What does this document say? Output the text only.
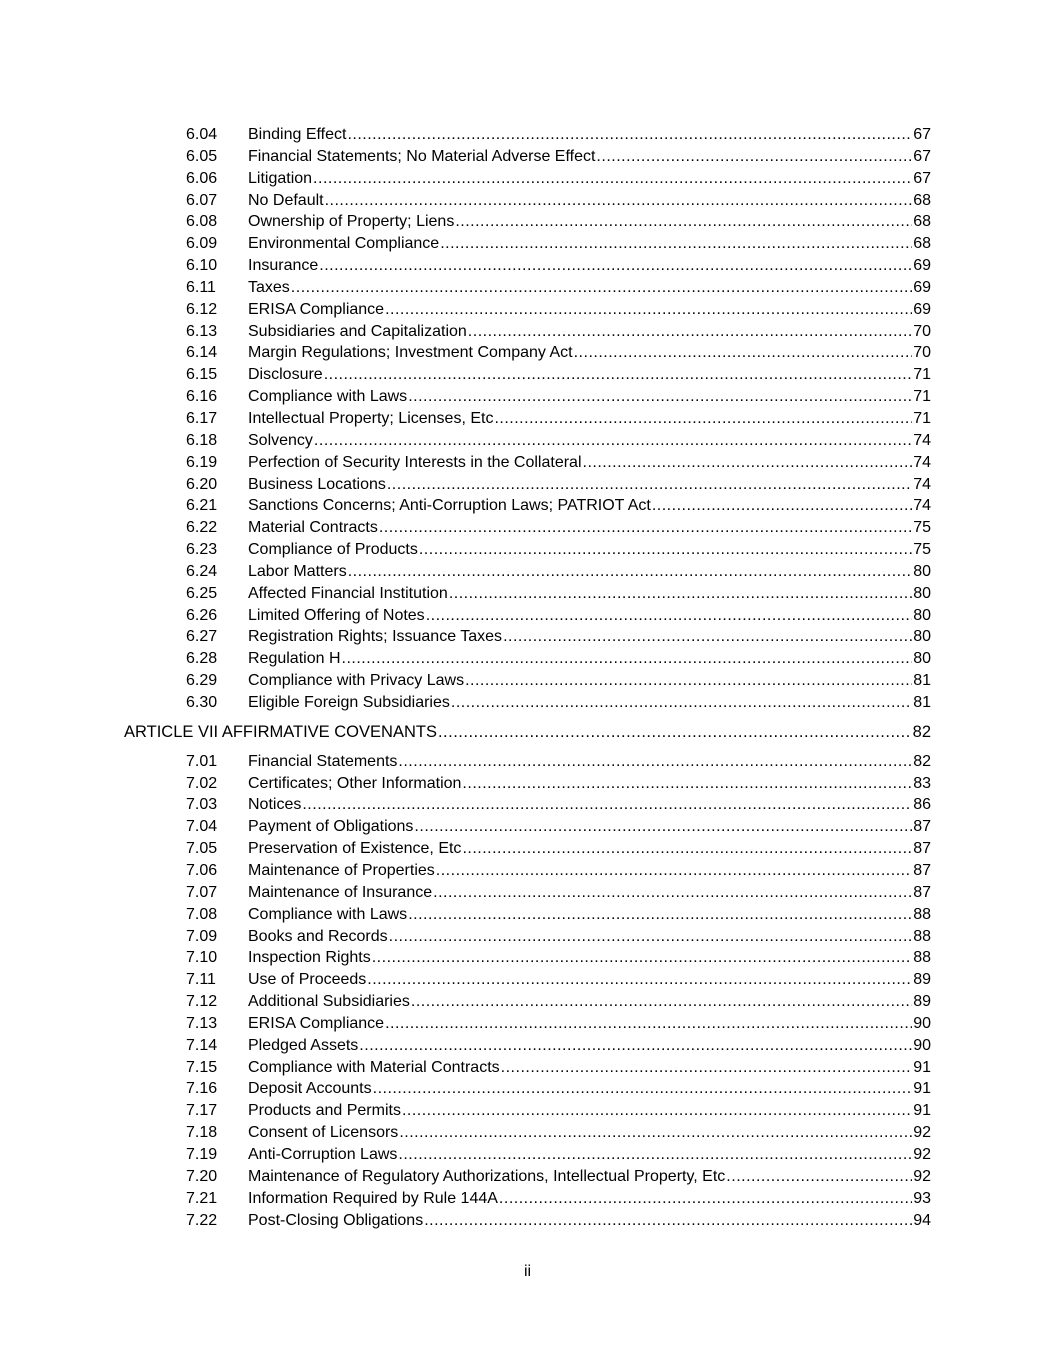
6.04	Binding Effect .....	67
6.05	Financial Statements; No Material Adverse Effect .....	67
6.06	Litigation .....	67
6.07	No Default .....	68
6.08	Ownership of Property; Liens .....	68
6.09	Environmental Compliance .....	68
6.10	Insurance .....	69
6.11	Taxes .....	69
6.12	ERISA Compliance .....	69
6.13	Subsidiaries and Capitalization .....	70
6.14	Margin Regulations; Investment Company Act .....	70
6.15	Disclosure .....	71
6.16	Compliance with Laws .....	71
6.17	Intellectual Property; Licenses, Etc .....	71
6.18	Solvency .....	74
6.19	Perfection of Security Interests in the Collateral .....	74
6.20	Business Locations .....	74
6.21	Sanctions Concerns; Anti-Corruption Laws; PATRIOT Act .....	74
6.22	Material Contracts .....	75
6.23	Compliance of Products .....	75
6.24	Labor Matters .....	80
6.25	Affected Financial Institution .....	80
6.26	Limited Offering of Notes .....	80
6.27	Registration Rights; Issuance Taxes .....	80
6.28	Regulation H .....	80
6.29	Compliance with Privacy Laws .....	81
6.30	Eligible Foreign Subsidiaries .....	81
ARTICLE VII AFFIRMATIVE COVENANTS .....	82
7.01	Financial Statements .....	82
7.02	Certificates; Other Information .....	83
7.03	Notices .....	86
7.04	Payment of Obligations .....	87
7.05	Preservation of Existence, Etc .....	87
7.06	Maintenance of Properties .....	87
7.07	Maintenance of Insurance .....	87
7.08	Compliance with Laws .....	88
7.09	Books and Records .....	88
7.10	Inspection Rights .....	88
7.11	Use of Proceeds .....	89
7.12	Additional Subsidiaries .....	89
7.13	ERISA Compliance .....	90
7.14	Pledged Assets .....	90
7.15	Compliance with Material Contracts .....	91
7.16	Deposit Accounts .....	91
7.17	Products and Permits .....	91
7.18	Consent of Licensors .....	92
7.19	Anti-Corruption Laws .....	92
7.20	Maintenance of Regulatory Authorizations, Intellectual Property, Etc .....	92
7.21	Information Required by Rule 144A .....	93
7.22	Post-Closing Obligations .....	94
ii
